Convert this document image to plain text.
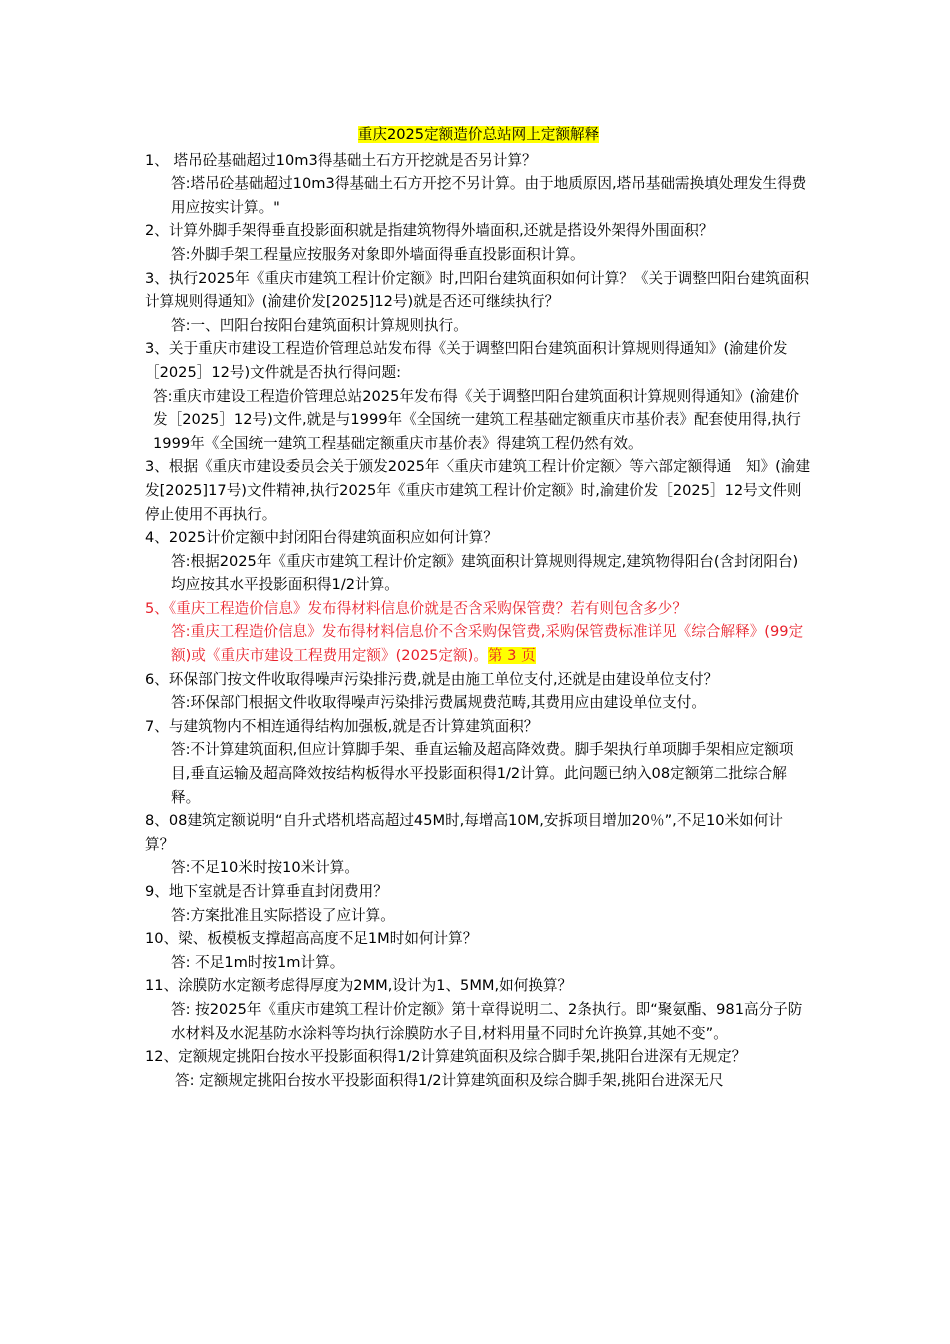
重庆2025定额造价总站网上定额解释

1、 塔吊砼基础超过10m3得基础土石方开挖就是否另计算？

答:塔吊砼基础超过10m3得基础土石方开挖不另计算。由于地质原因,塔吊基础需换填处理发生得费用应按实计算。"

2、计算外脚手架得垂直投影面积就是指建筑物得外墙面积,还就是搭设外架得外围面积？

答:外脚手架工程量应按服务对象即外墙面得垂直投影面积计算。

3、执行2025年《重庆市建筑工程计价定额》时,凹阳台建筑面积如何计算？《关于调整凹阳台建筑面积计算规则得通知》(渝建价发[2025]12号)就是否还可继续执行？

答:一、凹阳台按阳台建筑面积计算规则执行。

3、关于重庆市建设工程造价管理总站发布得《关于调整凹阳台建筑面积计算规则得通知》(渝建价发［2025］12号)文件就是否执行得问题:

答:重庆市建设工程造价管理总站2025年发布得《关于调整凹阳台建筑面积计算规则得通知》(渝建价发［2025］12号)文件,就是与1999年《全国统一建筑工程基础定额重庆市基价表》配套使用得,执行1999年《全国统一建筑工程基础定额重庆市基价表》得建筑工程仍然有效。

3、根据《重庆市建设委员会关于颁发2025年〈重庆市建筑工程计价定额〉等六部定额得通　知》(渝建发[2025]17号)文件精神,执行2025年《重庆市建筑工程计价定额》时,渝建价发［2025］12号文件则停止使用不再执行。

4、2025计价定额中封闭阳台得建筑面积应如何计算？

答:根据2025年《重庆市建筑工程计价定额》建筑面积计算规则得规定,建筑物得阳台(含封闭阳台)均应按其水平投影面积得1/2计算。

5、《重庆工程造价信息》发布得材料信息价就是否含采购保管费？若有则包含多少？

答:重庆工程造价信息》发布得材料信息价不含采购保管费,采购保管费标准详见《综合解释》(99定额)或《重庆市建设工程费用定额》(2025定额)。第 3 页

6、环保部门按文件收取得噪声污染排污费,就是由施工单位支付,还就是由建设单位支付？

答:环保部门根据文件收取得噪声污染排污费属规费范畴,其费用应由建设单位支付。

7、与建筑物内不相连通得结构加强板,就是否计算建筑面积？

答:不计算建筑面积,但应计算脚手架、垂直运输及超高降效费。脚手架执行单项脚手架相应定额项目,垂直运输及超高降效按结构板得水平投影面积得1/2计算。此问题已纳入08定额第二批综合解释。

8、08建筑定额说明“自升式塔机塔高超过45M时,每增高10M,安拆项目增加20％”,不足10米如何计算？

答:不足10米时按10米计算。

9、地下室就是否计算垂直封闭费用？

答:方案批准且实际搭设了应计算。

10、梁、板模板支撑超高高度不足1M时如何计算？

答: 不足1m时按1m计算。

11、涂膜防水定额考虑得厚度为2MM,设计为1、5MM,如何换算？

答: 按2025年《重庆市建筑工程计价定额》第十章得说明二、2条执行。即“聚氨酯、981高分子防水材料及水泥基防水涂料等均执行涂膜防水子目,材料用量不同时允许换算,其她不变”。

12、定额规定挑阳台按水平投影面积得1/2计算建筑面积及综合脚手架,挑阳台进深有无规定？

答: 定额规定挑阳台按水平投影面积得1/2计算建筑面积及综合脚手架,挑阳台进深无尺
